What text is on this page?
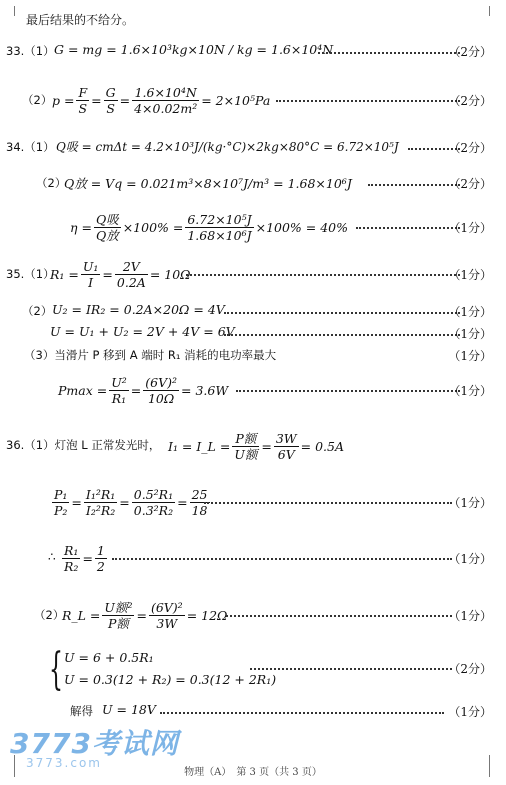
最后结果的不给分。
33.（1） G = mg = 1.6×10³kg×10N / kg = 1.6×10⁴N	（2分）
（2） $p = \frac{F}{S} = \frac{G}{S} = \frac{\text{1.6×10⁴N}}{\text{4×0.02m²}} = 2\times 10^5Pa$	（2分）
34.（1） Q吸 = cmΔt = 4.2×10³J/(kg·°C)×2kg×80°C = 6.72×10⁵J	（2分）
（2）
Q放 = Vq = 0.021m³×8×10⁷J/m³ = 1.68×10⁶J	（2分）
$\eta = \frac{\text{Q吸}}{\text{Q放}} \times 100\% = \frac{\text{6.72×10⁵J}}{\text{1.68×10⁶J}} \times 100\% = 40\%$	（1分）
35.（1）
$R_1 = \frac{\text{U₁}}{I} = \frac{2V}{0.2A} = 10\Omega$	（1分）
（2） U₂ = IR₂ = 0.2A×20Ω = 4V	（1分）
U = U₁ + U₂ = 2V + 4V = 6V	（1分）
（3）当滑片 P 移到 A 端时 R₁ 消耗的电功率最大	（1分）
$Pmax = \frac{\text{U²}}{\text{R₁}} = \frac{\text{(6V)²}}{10\Omega} = 3.6W$	（1分）
36.（1）灯泡 L 正常发光时， I₁ = I_L = $\frac{\text{P额}}{\text{U额}} = \frac{3W}{6V} = 0.5A$
$\frac{\text{P₁}}{\text{P₂}} = \frac{\text{I₁²R₁}}{\text{I₂²R₂}} = \frac{\text{0.5²R₁}}{\text{0.3²R₂}} = \frac{25}{18}$	（1分）
∴ $\frac{\text{R₁}}{\text{R₂}} = \frac{1}{2}$	（1分）
（2）
R_L = $\frac{\text{U额²}}{\text{P额}} = \frac{\text{(6V)²}}{3W} = 12\Omega$	（1分）
{ U = 6 + 0.5R₁
U = 0.3(12 + R₂) = 0.3(12 + 2R₁)
（2分）
解得 U = 18V	（1分）
3773考试网
3773.com
物理（A）　第 3 页（共 3 页）
